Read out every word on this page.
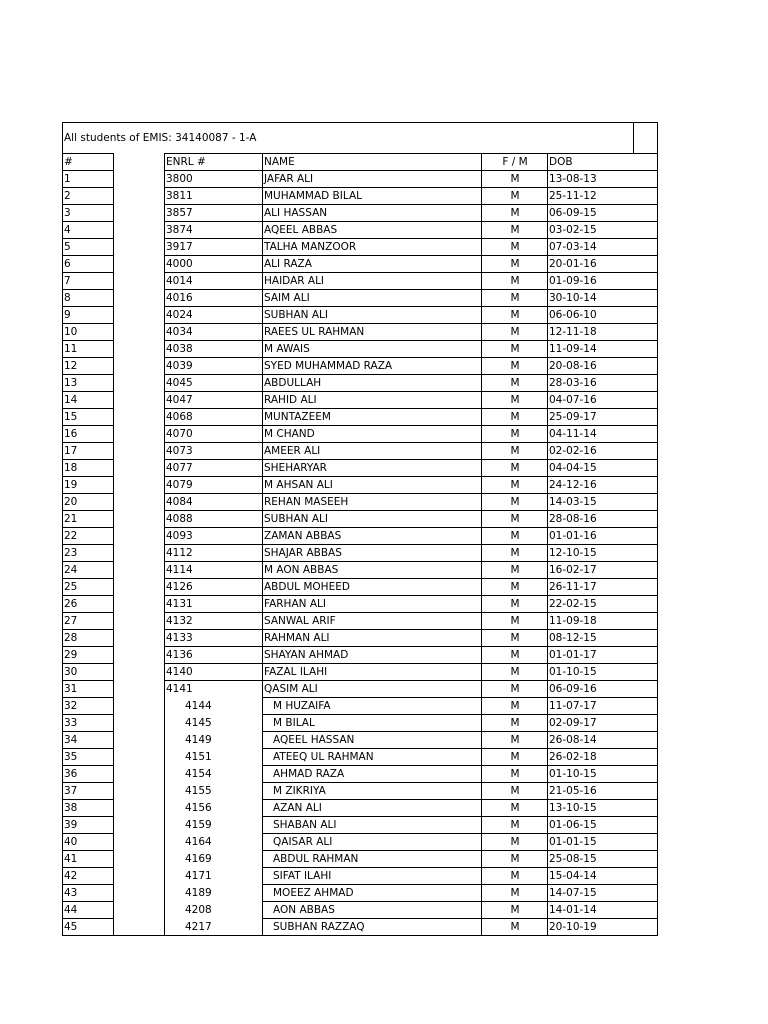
All students of EMIS: 34140087 - 1-A						
#		ENRL #	NAME	F / M	DOB	
1		3800	JAFAR ALI	M	13-08-13	
2		3811	MUHAMMAD BILAL	M	25-11-12	
3		3857	ALI HASSAN	M	06-09-15	
4		3874	AQEEL ABBAS	M	03-02-15	
5		3917	TALHA MANZOOR	M	07-03-14	
6		4000	ALI RAZA	M	20-01-16	
7		4014	HAIDAR ALI	M	01-09-16	
8		4016	SAIM ALI	M	30-10-14	
9		4024	SUBHAN ALI	M	06-06-10	
10		4034	RAEES UL RAHMAN	M	12-11-18	
11		4038	M AWAIS	M	11-09-14	
12		4039	SYED MUHAMMAD RAZA	M	20-08-16	
13		4045	ABDULLAH	M	28-03-16	
14		4047	RAHID ALI	M	04-07-16	
15		4068	MUNTAZEEM	M	25-09-17	
16		4070	M CHAND	M	04-11-14	
17		4073	AMEER ALI	M	02-02-16	
18		4077	SHEHARYAR	M	04-04-15	
19		4079	M AHSAN ALI	M	24-12-16	
20		4084	REHAN MASEEH	M	14-03-15	
21		4088	SUBHAN ALI	M	28-08-16	
22		4093	ZAMAN ABBAS	M	01-01-16	
23		4112	SHAJAR ABBAS	M	12-10-15	
24		4114	M AON ABBAS	M	16-02-17	
25		4126	ABDUL MOHEED	M	26-11-17	
26		4131	FARHAN ALI	M	22-02-15	
27		4132	SANWAL ARIF	M	11-09-18	
28		4133	RAHMAN ALI	M	08-12-15	
29		4136	SHAYAN AHMAD	M	01-01-17	
30		4140	FAZAL ILAHI	M	01-10-15	
31		4141	QASIM ALI	M	06-09-16	
32		4144	M HUZAIFA	M	11-07-17	
33		4145	M BILAL	M	02-09-17	
34		4149	AQEEL HASSAN	M	26-08-14	
35		4151	ATEEQ UL RAHMAN	M	26-02-18	
36		4154	AHMAD RAZA	M	01-10-15	
37		4155	M ZIKRIYA	M	21-05-16	
38		4156	AZAN ALI	M	13-10-15	
39		4159	SHABAN ALI	M	01-06-15	
40		4164	QAISAR ALI	M	01-01-15	
41		4169	ABDUL RAHMAN	M	25-08-15	
42		4171	SIFAT ILAHI	M	15-04-14	
43		4189	MOEEZ AHMAD	M	14-07-15	
44		4208	AON ABBAS	M	14-01-14	
45		4217	SUBHAN RAZZAQ	M	20-10-19	
